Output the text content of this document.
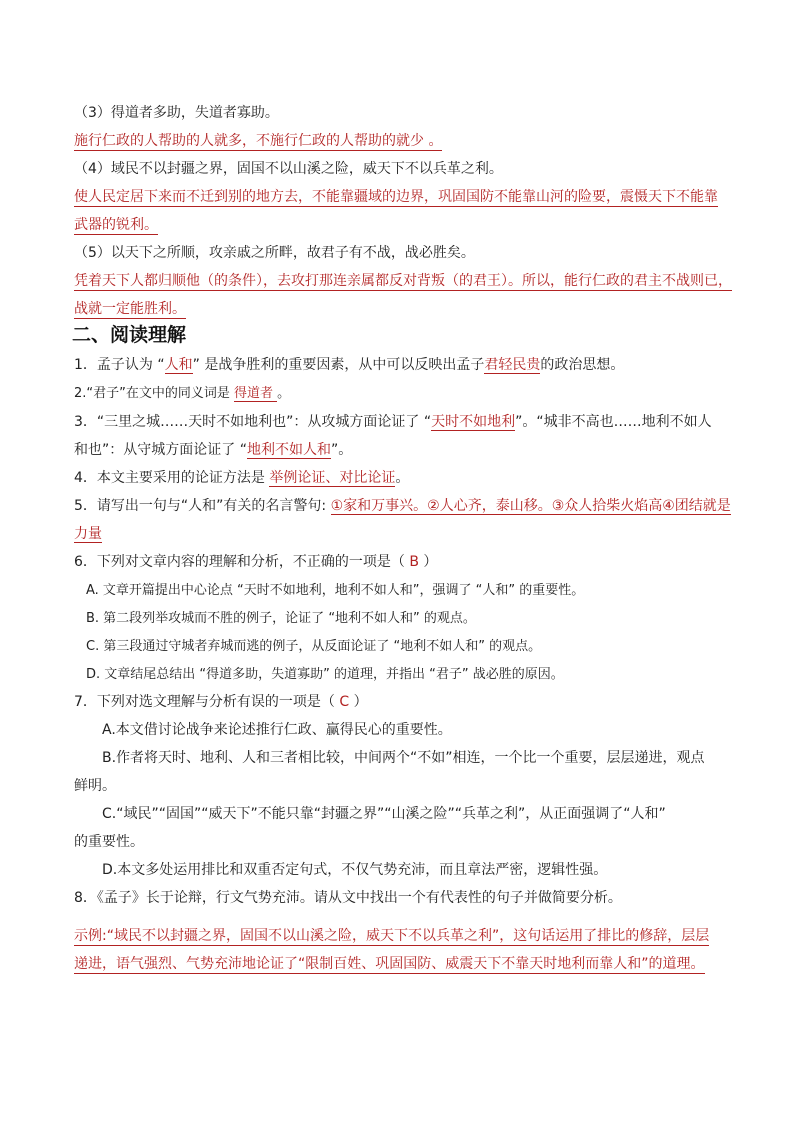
（3）得道者多助，失道者寡助。
施行仁政的人帮助的人就多，不施行仁政的人帮助的就少 。
（4）域民不以封疆之界，固国不以山溪之险，威天下不以兵革之利。
使人民定居下来而不迁到别的地方去，不能靠疆域的边界，巩固国防不能靠山河的险要，震慑天下不能靠
武器的锐利。
（5）以天下之所顺，攻亲戚之所畔，故君子有不战，战必胜矣。
凭着天下人都归顺他（的条件），去攻打那连亲属都反对背叛（的君王）。所以，能行仁政的君主不战则已，
战就一定能胜利。
二、阅读理解
1．孟子认为 “人和” 是战争胜利的重要因素，从中可以反映出孟子君轻民贵的政治思想。
2.“君子”在文中的同义词是 得道者 。
3．“三里之城……天时不如地利也”：从攻城方面论证了 “天时不如地利”。“城非不高也……地利不如人
和也”：从守城方面论证了 “地利不如人和”。
4．本文主要采用的论证方法是 举例论证、对比论证。
5．请写出一句与“人和”有关的名言警句: ①家和万事兴。②人心齐，泰山移。③众人拾柴火焰高④团结就是
力量
6．下列对文章内容的理解和分析，不正确的一项是（ B ）
A. 文章开篇提出中心论点 “天时不如地利，地利不如人和”，强调了 “人和” 的重要性。
B. 第二段列举攻城而不胜的例子，论证了 “地利不如人和” 的观点。
C. 第三段通过守城者弃城而逃的例子，从反面论证了 “地利不如人和” 的观点。
D. 文章结尾总结出 “得道多助，失道寡助” 的道理，并指出 “君子” 战必胜的原因。
7．下列对选文理解与分析有误的一项是（ C ）
A.本文借讨论战争来论述推行仁政、赢得民心的重要性。
B.作者将天时、地利、人和三者相比较，中间两个“不如”相连，一个比一个重要，层层递进，观点
鲜明。
C.“域民”“固国”“威天下”不能只靠“封疆之界”“山溪之险”“兵革之利”，从正面强调了“人和”
的重要性。
D.本文多处运用排比和双重否定句式，不仅气势充沛，而且章法严密，逻辑性强。
8．《孟子》长于论辩，行文气势充沛。请从文中找出一个有代表性的句子并做简要分析。
示例:“域民不以封疆之界，固国不以山溪之险，威天下不以兵革之利”，这句话运用了排比的修辞，层层
递进，语气强烈、气势充沛地论证了“限制百姓、巩固国防、威震天下不靠天时地利而靠人和”的道理。
